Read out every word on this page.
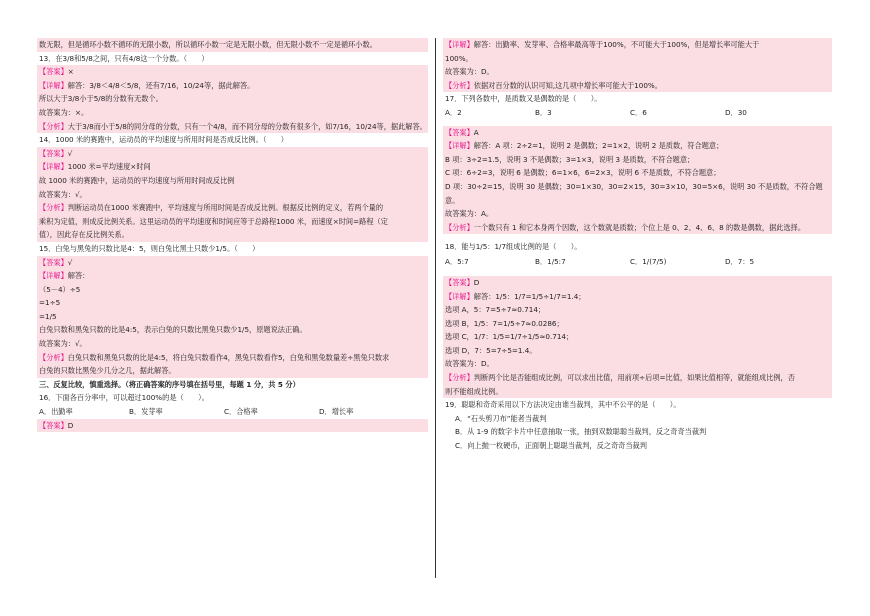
数无限，但是循环小数不循环的无限小数，所以循环小数一定是无限小数，但无限小数不一定是循环小数。
13．在3/8和5/8之间，只有4/8这一个分数。（　　）
【答案】×
【详解】解答：3/8＜4/8＜5/8，还有7/16，10/24等，据此解答。
所以大于3/8小于5/8的分数有无数个。
故答案为：×。
【分析】大于3/8而小于5/8的同分母的分数，只有一个4/8，而不同分母的分数有很多个，如7/16，10/24等，据此解答。
14．1000 米的赛跑中，运动员的平均速度与所用时间是否成反比例。（　　）
【答案】√
【详解】1000 米=平均速度×时间
故 1000 米的赛跑中，运动员的平均速度与所用时间成反比例
故答案为：√。
【分析】判断运动员在1000 米赛跑中，平均速度与所用时间是否成反比例。根据反比例的定义，若两个量的
乘积为定值，则成反比例关系。这里运动员的平均速度和时间应等于总路程1000 米，而速度×时间=路程（定
值），因此存在反比例关系。
15．白兔与黑兔的只数比是4：5，则白兔比黑土只数少1/5。（　　）
【答案】√
【详解】解答：
（5－4）÷5
=1÷5
=1/5
白兔只数和黑兔只数的比是4:5，表示白兔的只数比黑兔只数少1/5，原题说法正确。
故答案为：√。
【分析】白兔只数和黑兔只数的比是4:5，将白兔只数看作4，黑兔只数看作5，白兔和黑兔数量差÷黑兔只数求
白兔的只数比黑兔少几分之几，据此解答。
三、反复比较，慎重选择。（将正确答案的序号填在括号里，每题 1 分，共 5 分）
16．下面各百分率中，可以超过100%的是（　　）。
A．出勤率	B．发芽率	C．合格率	D．增长率
【答案】D
【详解】解答：出勤率、发芽率、合格率最高等于100%，不可能大于100%，但是增长率可能大于
100%。
故答案为：D。
【分析】依据对百分数的认识可知,这几项中增长率可能大于100%。
17．下列各数中，是质数又是偶数的是（　　）。
A．2	B．3	C．6	D．30
【答案】A
【详解】解答：A 项：2÷2=1，说明 2 是偶数；2=1×2，说明 2 是质数，符合题意；
B 项：3÷2=1.5，说明 3 不是偶数；3=1×3，说明 3 是质数，不符合题意；
C 项：6÷2=3，说明 6 是偶数；6=1×6，6=2×3，说明 6 不是质数，不符合题意；
D 项：30÷2=15，说明 30 是偶数；30=1×30，30=2×15，30=3×10，30=5×6，说明 30 不是质数，不符合题
意。
故答案为：A。
【分析】一个数只有 1 和它本身两个因数，这个数就是质数；个位上是 0、2、4、6、8 的数是偶数，据此选择。
18．能与1/5：1/7组成比例的是（　　）。
A．5:7	B．1/5:7	C．1/(7/5)	D．7：5
【答案】D
【详解】解答：1/5：1/7=1/5÷1/7=1.4；
选项 A，5：7=5÷7≈0.714；
选项 B，1/5：7=1/5÷7≈0.0286；
选项 C，1/7：1/5=1/7÷1/5≈0.714；
选项 D，7：5=7÷5=1.4。
故答案为：D。
【分析】判断两个比是否能组成比例，可以求出比值，用前项÷后项=比值，如果比值相等，就能组成比例，否
则不能组成比例。
19．聪聪和奇奇采用以下方法决定由谁当裁判，其中不公平的是（　　）。
A．“石头剪刀布”能者当裁判
B．从 1-9 的数字卡片中任意抽取一张，抽到双数聪聪当裁判，反之奇奇当裁判
C．向上抛一枚硬币，正面朝上聪聪当裁判，反之奇奇当裁判
